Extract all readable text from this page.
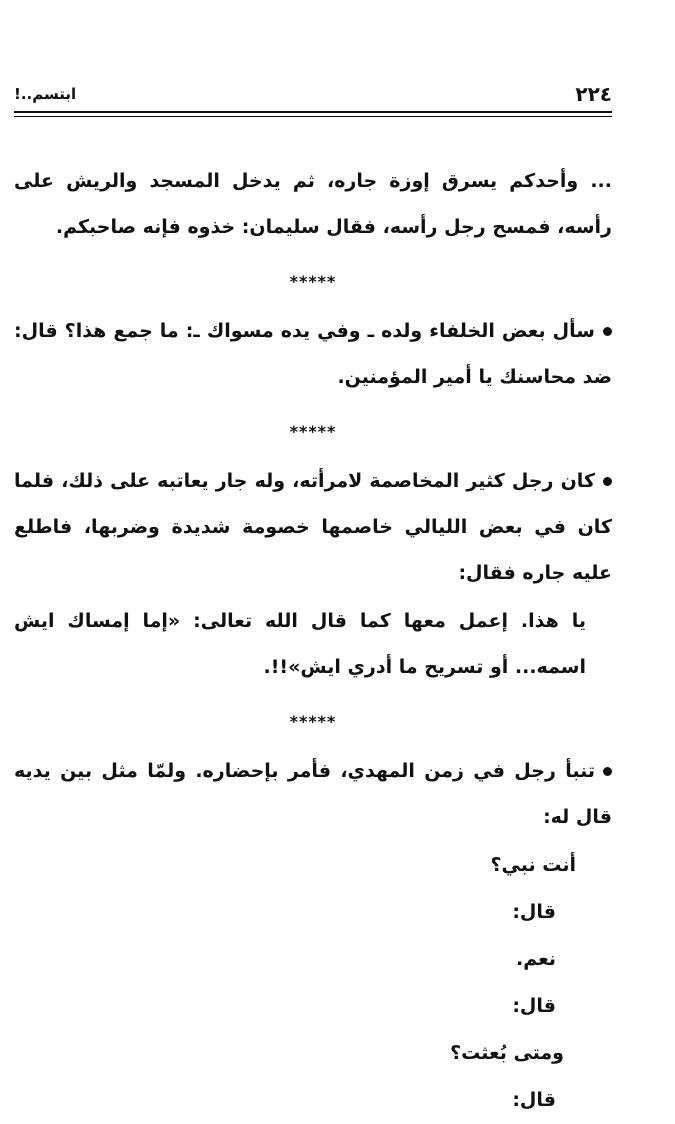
٢٢٤
ابتسم..!

... وأحدكم يسرق إوزة جاره، ثم يدخل المسجد والريش على رأسه، فمسح رجل رأسه، فقال سليمان: خذوه فإنه صاحبكم.

*****

سأل بعض الخلفاء ولده ـ وفي يده مسواك ـ: ما جمع هذا؟ قال: ضد محاسنك يا أمير المؤمنين.

*****

كان رجل كثير المخاصمة لامرأته، وله جار يعاتبه على ذلك، فلما كان في بعض الليالي خاصمها خصومة شديدة وضربها، فاطلع عليه جاره فقال:

يا هذا. إعمل معها كما قال الله تعالى: «إما إمساك ايش اسمه... أو تسريح ما أدري ايش»!!.

*****

تنبأ رجل في زمن المهدي، فأمر بإحضاره. ولمّا مثل بين يديه قال له:

أنت نبي؟

قال:

نعم.

قال:

ومتى بُعثت؟

قال:
